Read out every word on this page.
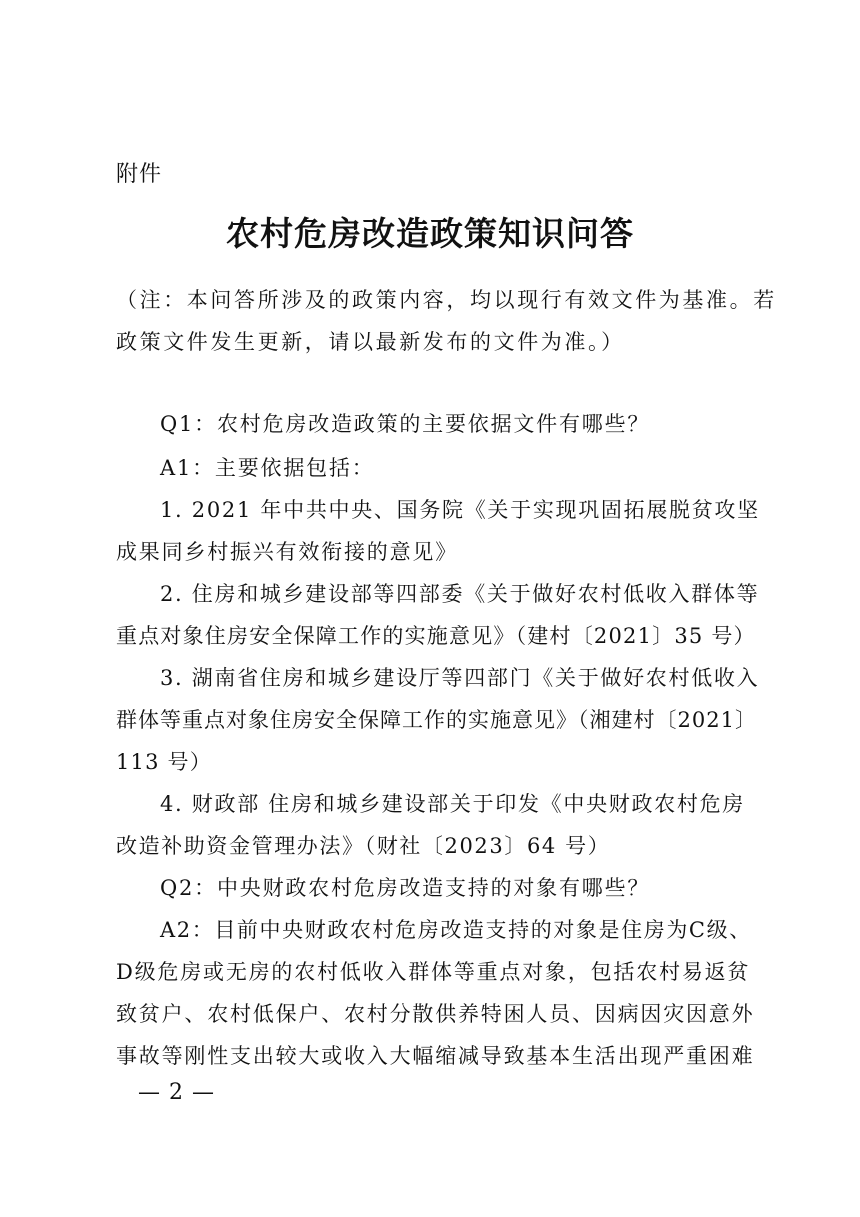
附件
农村危房改造政策知识问答
（注：本问答所涉及的政策内容，均以现行有效文件为基准。若
政策文件发生更新，请以最新发布的文件为准。）
Q1：农村危房改造政策的主要依据文件有哪些？
A1：主要依据包括：
1. 2021 年中共中央、国务院《关于实现巩固拓展脱贫攻坚
成果同乡村振兴有效衔接的意见》
2. 住房和城乡建设部等四部委《关于做好农村低收入群体等
重点对象住房安全保障工作的实施意见》（建村〔2021〕35 号）
3. 湖南省住房和城乡建设厅等四部门《关于做好农村低收入
群体等重点对象住房安全保障工作的实施意见》（湘建村〔2021〕
113 号）
4. 财政部 住房和城乡建设部关于印发《中央财政农村危房
改造补助资金管理办法》（财社〔2023〕64 号）
Q2：中央财政农村危房改造支持的对象有哪些？
A2：目前中央财政农村危房改造支持的对象是住房为C级、
D级危房或无房的农村低收入群体等重点对象，包括农村易返贫
致贫户、农村低保户、农村分散供养特困人员、因病因灾因意外
事故等刚性支出较大或收入大幅缩减导致基本生活出现严重困难
— 2 —
